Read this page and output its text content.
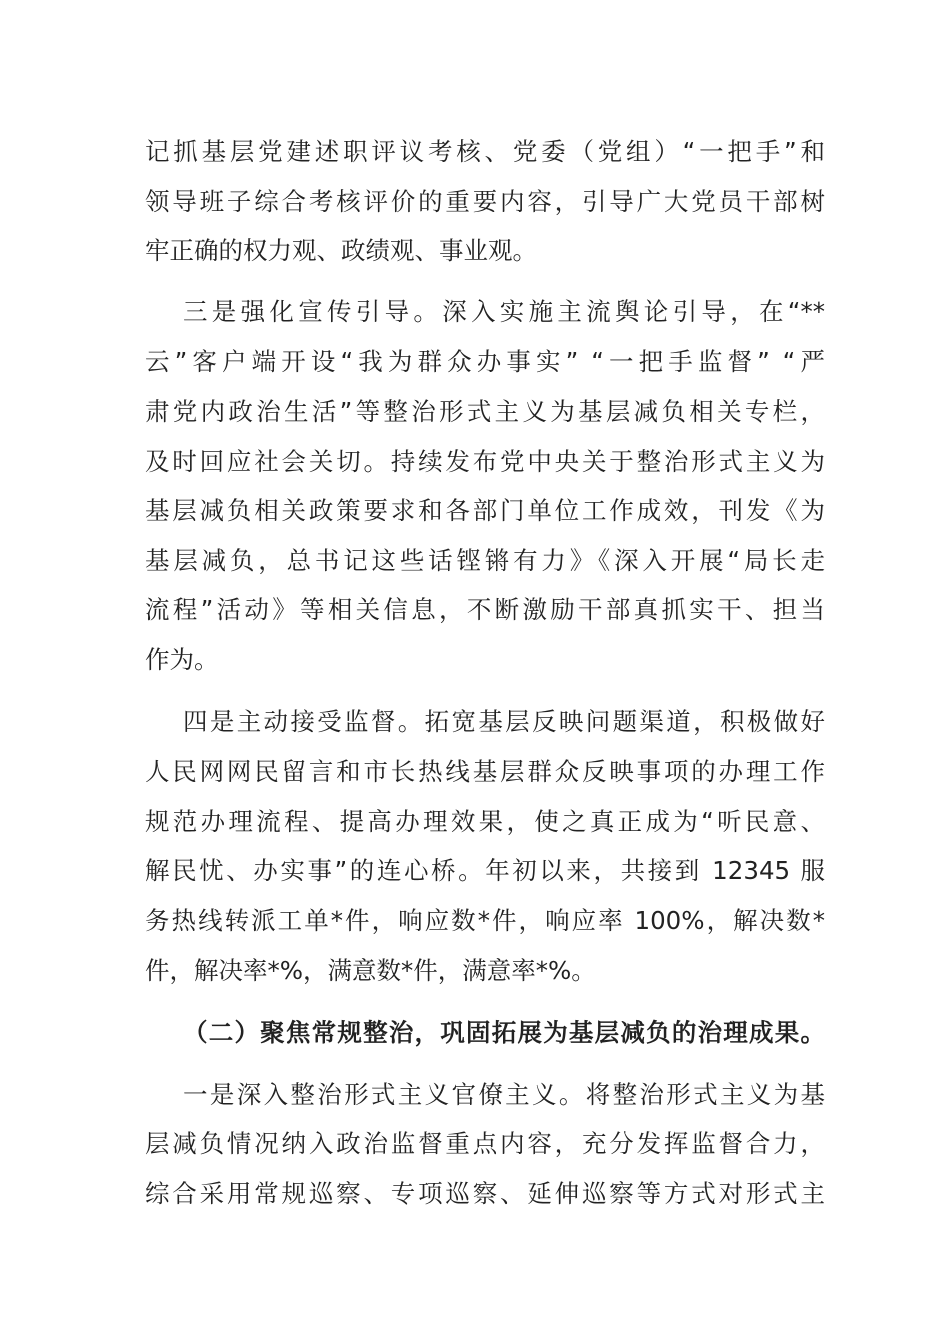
记抓基层党建述职评议考核、党委（党组）“一把手”和
领导班子综合考核评价的重要内容，引导广大党员干部树
牢正确的权力观、政绩观、事业观。
三是强化宣传引导。深入实施主流舆论引导，在“**
云”客户端开设“我为群众办事实” “一把手监督” “严
肃党内政治生活”等整治形式主义为基层减负相关专栏，
及时回应社会关切。持续发布党中央关于整治形式主义为
基层减负相关政策要求和各部门单位工作成效，刊发《为
基层减负，总书记这些话铿锵有力》《深入开展“局长走
流程”活动》等相关信息，不断激励干部真抓实干、担当
作为。
四是主动接受监督。拓宽基层反映问题渠道，积极做好
人民网网民留言和市长热线基层群众反映事项的办理工作
规范办理流程、提高办理效果，使之真正成为“听民意、
解民忧、办实事”的连心桥。年初以来，共接到 12345 服
务热线转派工单*件，响应数*件，响应率 100%，解决数*
件，解决率*%，满意数*件，满意率*%。
（二）聚焦常规整治，巩固拓展为基层减负的治理成果。
一是深入整治形式主义官僚主义。将整治形式主义为基
层减负情况纳入政治监督重点内容，充分发挥监督合力，
综合采用常规巡察、专项巡察、延伸巡察等方式对形式主
